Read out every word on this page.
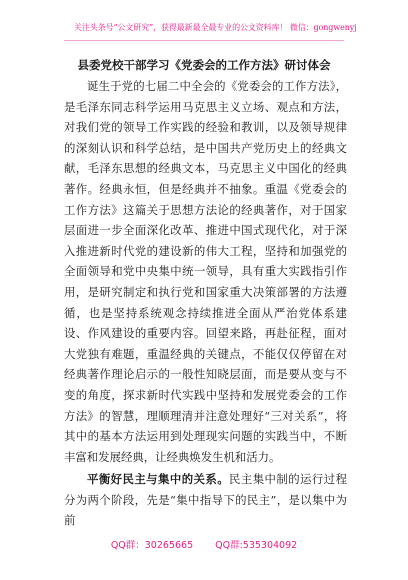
关注头条号“公文研究”，获得最新最全最专业的公文资料库！ 微信：gongwenyj
县委党校干部学习《党委会的工作方法》研讨体会

诞生于党的七届二中全会的《党委会的工作方法》，是毛泽东同志科学运用马克思主义立场、观点和方法，对我们党的领导工作实践的经验和教训，以及领导规律的深刻认识和科学总结，是中国共产党历史上的经典文献，毛泽东思想的经典文本，马克思主义中国化的经典著作。经典永恒，但是经典并不抽象。重温《党委会的工作方法》这篇关于思想方法论的经典著作，对于国家层面进一步全面深化改革、推进中国式现代化，对于深入推进新时代党的建设新的伟大工程，坚持和加强党的全面领导和党中央集中统一领导，具有重大实践指引作用，是研究制定和执行党和国家重大决策部署的方法遵循，也是坚持系统观念持续推进全面从严治党体系建设、作风建设的重要内容。回望来路，再赴征程，面对大党独有难题，重温经典的关键点，不能仅仅停留在对经典著作理论启示的一般性知晓层面，而是要从变与不变的角度，探求新时代实践中坚持和发展党委会的工作方法》的智慧，理顺理清并注意处理好“三对关系”，将其中的基本方法运用到处理现实问题的实践当中，不断丰富和发展经典，让经典焕发生机和活力。

平衡好民主与集中的关系。民主集中制的运行过程分为两个阶段，先是“集中指导下的民主”，是以集中为前

QQ群：30265665 QQ群:535304092
